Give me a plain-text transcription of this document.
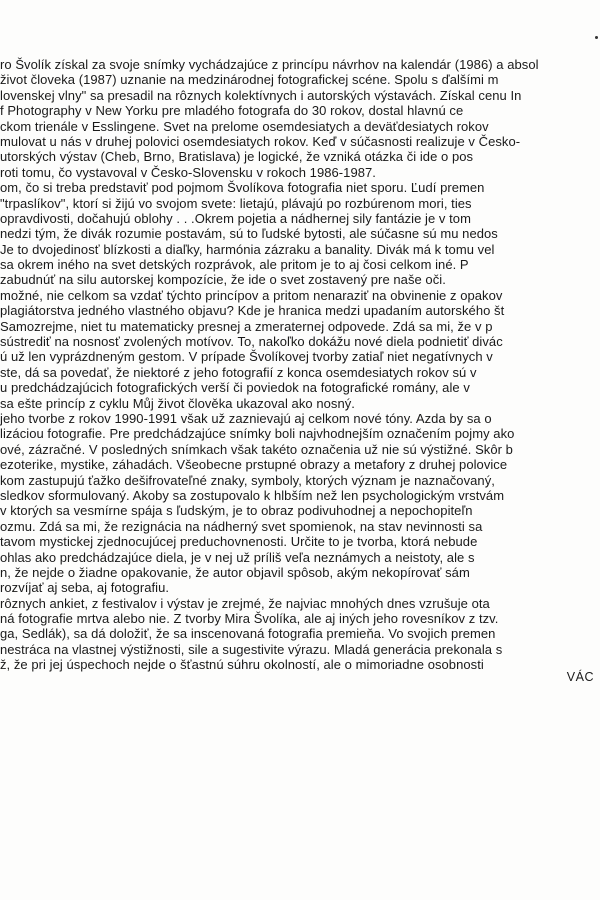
ro Švolík získal za svoje snímky vychádzajúce z princípu návrhov na kalendár (1986) a absol
život človeka (1987) uznanie na medzinárodnej fotografickej scéne. Spolu s ďalšími m
lovenskej vlny" sa presadil na rôznych kolektívnych i autorských výstavách. Získal cenu In
f Photography v New Yorku pre mladého fotografa do 30 rokov, dostal hlavnú ce
ckom trienále v Esslingene. Svet na prelome osemdesiatych a deväťdesiatych rokov
mulovat u nás v druhej polovici osemdesiatych rokov. Keď v súčasnosti realizuje v Česko-
utorských výstav (Cheb, Brno, Bratislava) je logické, že vzniká otázka či ide o pos
roti tomu, čo vystavoval v Česko-Slovensku v rokoch 1986-1987.
om, čo si treba predstaviť pod pojmom Švolíkova fotografia niet sporu. Ľudí premen
"trpaslíkov", ktorí si žijú vo svojom svete: lietajú, plávajú po rozbúrenom mori, ties
opravdivosti, dočahujú oblohy . . .Okrem pojetia a nádhernej sily fantázie je v tom
nedzi tým, že divák rozumie postavám, sú to ľudské bytosti, ale súčasne sú mu nedos
Je to dvojedinosť blízkosti a diaľky, harmónia zázraku a banality. Divák má k tomu vel
sa okrem iného na svet detských rozprávok, ale pritom je to aj čosi celkom iné. P
zabudnúť na silu autorskej kompozície, že ide o svet zostavený pre naše oči.
možné, nie celkom sa vzdať týchto princípov a pritom nenaraziť na obvinenie z opakov
plagiátorstva jedného vlastného objavu? Kde je hranica medzi upadaním autorského št
Samozrejme, niet tu matematicky presnej a zmeraternej odpovede. Zdá sa mi, že v p
sústrediť na nosnosť zvolených motívov. To, nakoľko dokážu nové diela podnietiť divác
ú už len vyprázdneným gestom. V prípade Švolíkovej tvorby zatiaľ niet negatívnych v
ste, dá sa povedať, že niektoré z jeho fotografií z konca osemdesiatych rokov sú v
u predchádzajúcich fotografických verší či poviedok na fotografické romány, ale v
sa ešte princíp z cyklu Můj život člověka ukazoval ako nosný.
jeho tvorbe z rokov 1990-1991 však už zaznievajú aj celkom nové tóny. Azda by sa o
lizáciou fotografie. Pre predchádzajúce snímky boli najvhodnejším označením pojmy ako
ové, zázračné. V posledných snímkach však takéto označenia už nie sú výstižné. Skôr b
ezoterike, mystike, záhadách. Všeobecne prstupné obrazy a metafory z druhej polovice
kom zastupujú ťažko dešifrovateľné znaky, symboly, ktorých význam je naznačovaný,
sledkov sformulovaný. Akoby sa zostupovalo k hlbším než len psychologickým vrstvám
v ktorých sa vesmírne spája s ľudským, je to obraz podivuhodnej a nepochopiteľn
ozmu. Zdá sa mi, že rezignácia na nádherný svet spomienok, na stav nevinnosti sa
tavom mystickej zjednocujúcej preduchovnenosti. Určite to je tvorba, ktorá nebude
ohlas ako predchádzajúce diela, je v nej už príliš veľa neznámych a neistoty, ale s
n, že nejde o žiadne opakovanie, že autor objavil spôsob, akým nekopírovať sám
rozvíjať aj seba, aj fotografiu.
rôznych ankiet, z festivalov i výstav je zrejmé, že najviac mnohých dnes vzrušuje ota
ná fotografie mrtva alebo nie. Z tvorby Mira Švolíka, ale aj iných jeho rovesníkov z tzv.
ga, Sedlák), sa dá doložiť, že sa inscenovaná fotografia premieňa. Vo svojich premen
nestráca na vlastnej výstižnosti, sile a sugestivite výrazu. Mladá generácia prekonala s
ž, že pri jej úspechoch nejde o šťastnú súhru okolností, ale o mimoriadne osobnosti
VÁC
